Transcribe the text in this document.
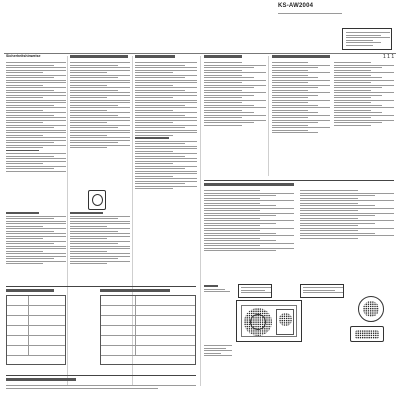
KS-AW2004
1 1 1
Sicherheitshinweise
